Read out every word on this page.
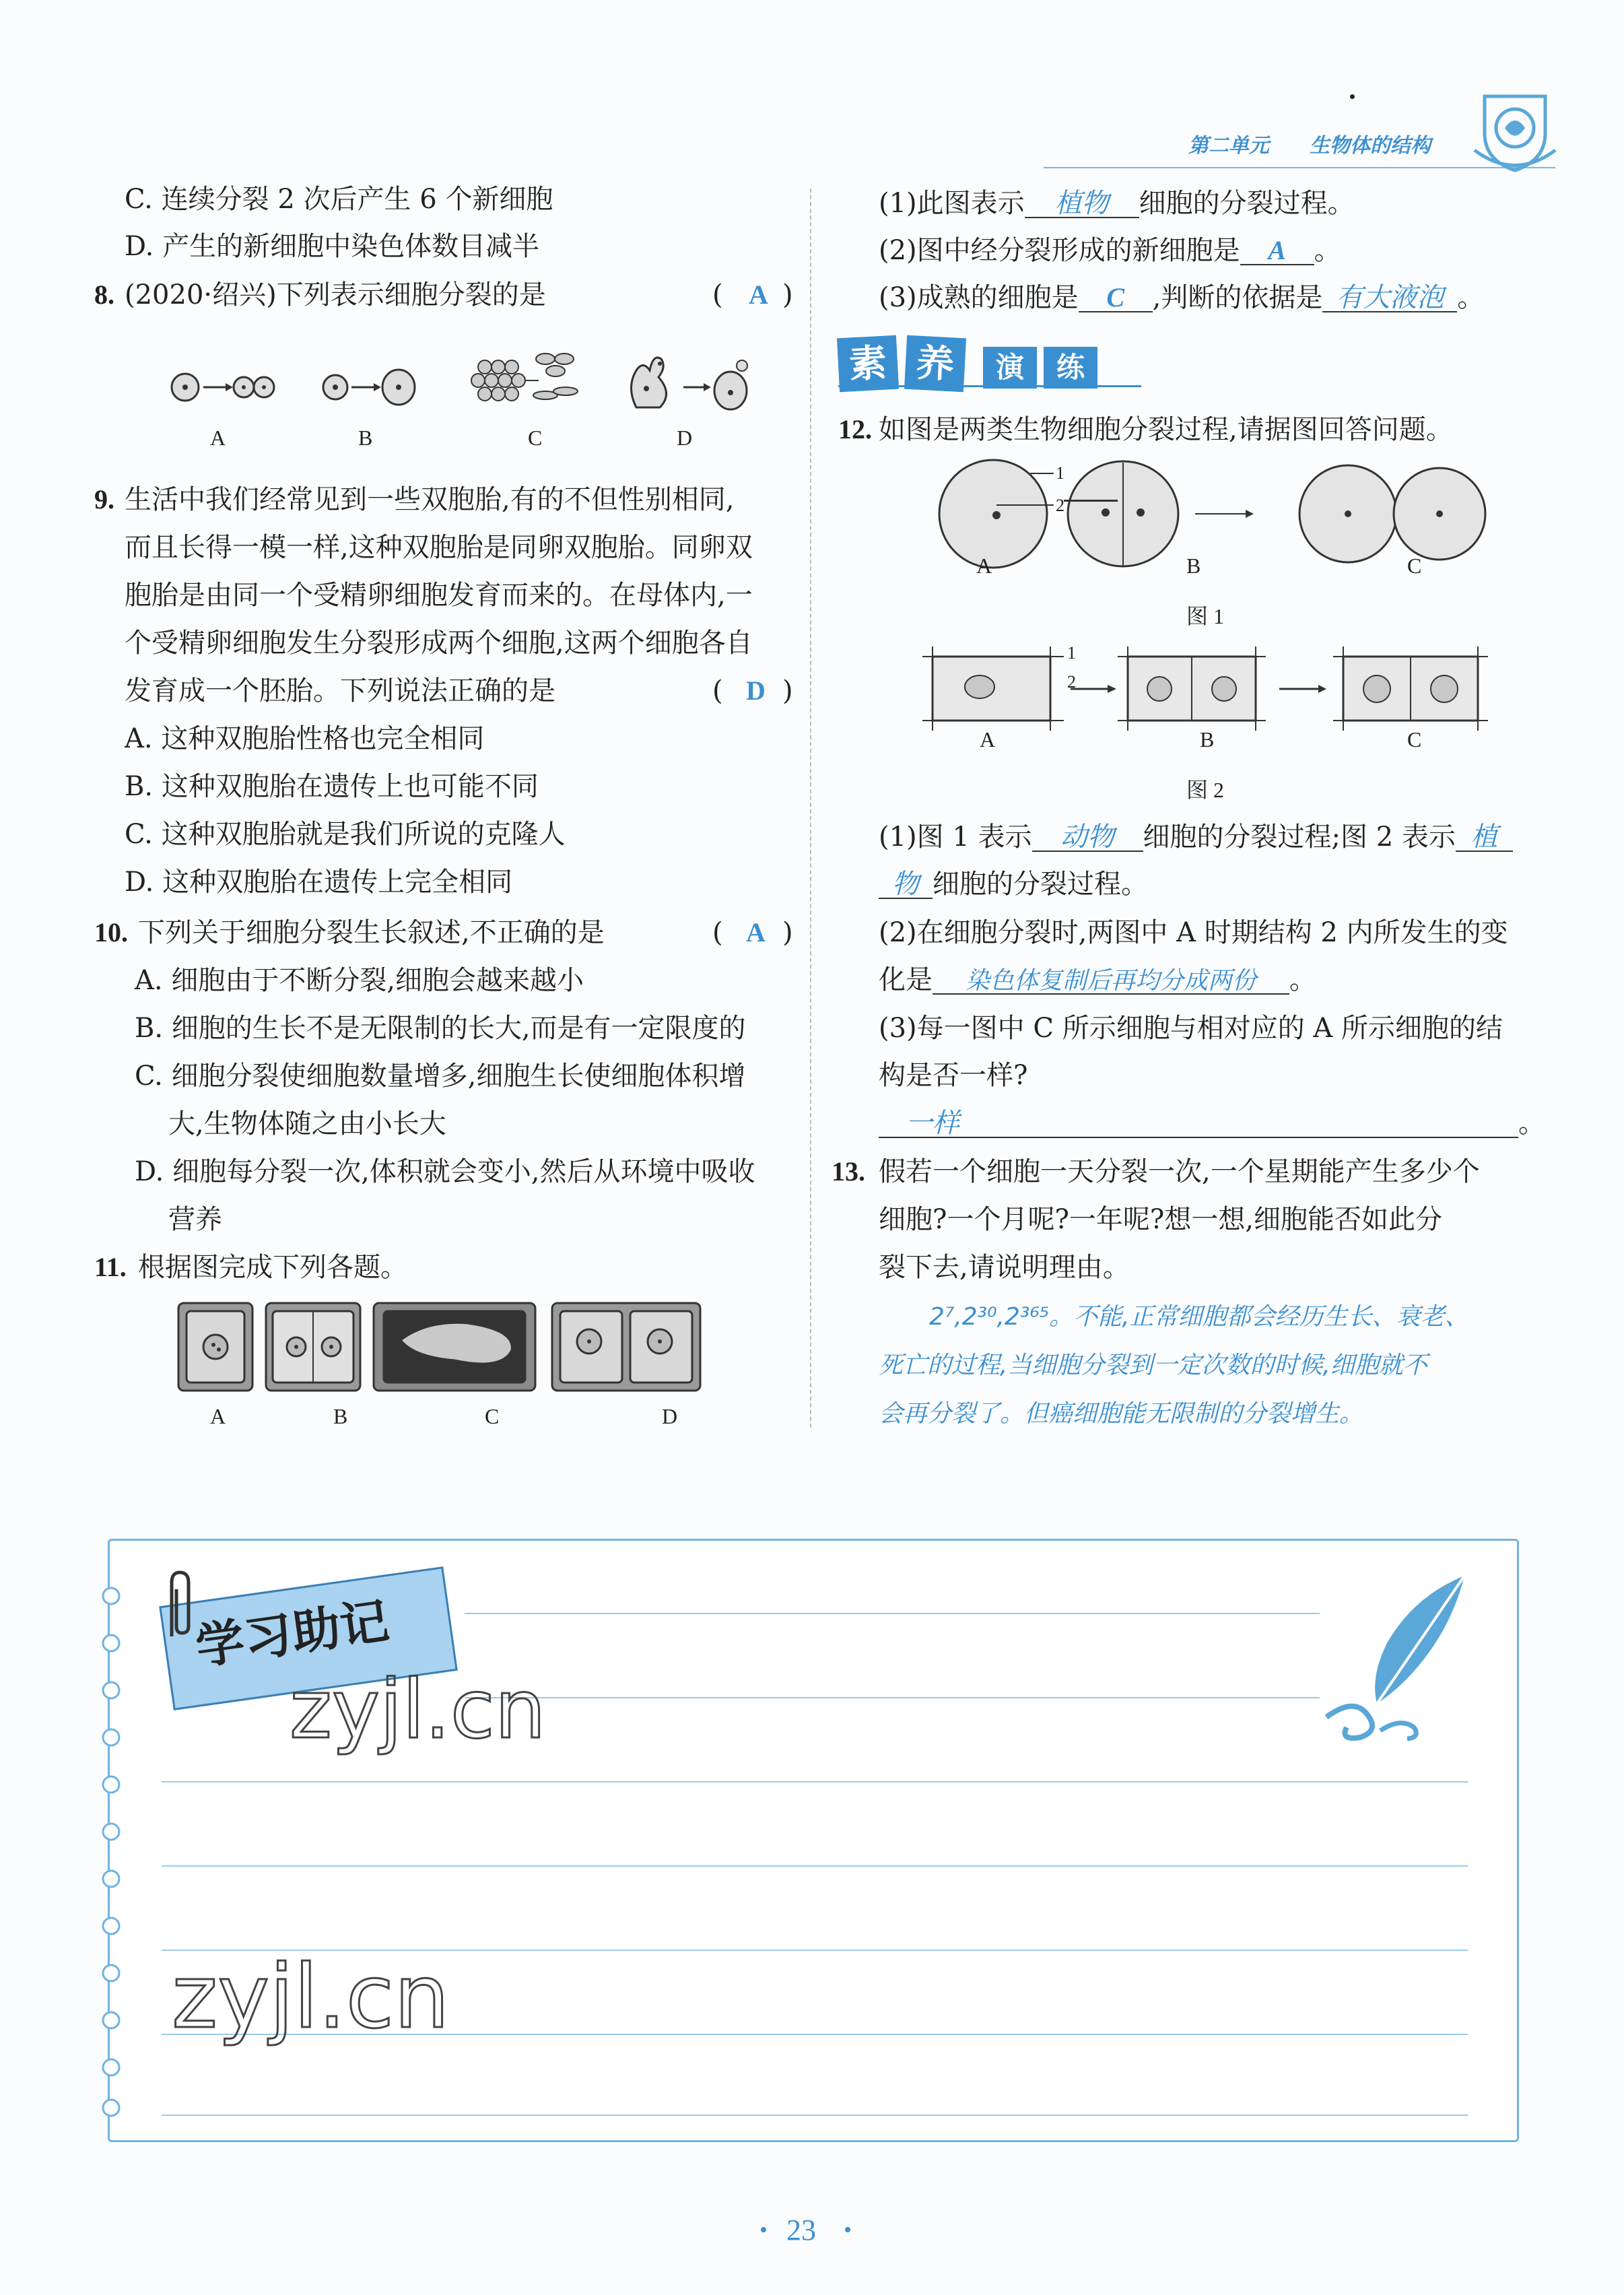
第二单元 生物体的结构
C. 连续分裂 2 次后产生 6 个新细胞
D. 产生的新细胞中染色体数目减半
8. (2020·绍兴)下列表示细胞分裂的是	( A )
A	B	C	D
9. 生活中我们经常见到一些双胞胎,有的不但性别相同,
而且长得一模一样,这种双胞胎是同卵双胞胎。同卵双
胞胎是由同一个受精卵细胞发育而来的。在母体内,一
个受精卵细胞发生分裂形成两个细胞,这两个细胞各自
发育成一个胚胎。下列说法正确的是	( D )
A. 这种双胞胎性格也完全相同
B. 这种双胞胎在遗传上也可能不同
C. 这种双胞胎就是我们所说的克隆人
D. 这种双胞胎在遗传上完全相同
10. 下列关于细胞分裂生长叙述,不正确的是	( A )
A. 细胞由于不断分裂,细胞会越来越小
B. 细胞的生长不是无限制的长大,而是有一定限度的
C. 细胞分裂使细胞数量增多,细胞生长使细胞体积增
大,生物体随之由小长大
D. 细胞每分裂一次,体积就会变小,然后从环境中吸收
营养
11. 根据图完成下列各题。
A	B	C	D
(1)此图表示 植物 细胞的分裂过程。
(2)图中经分裂形成的新细胞是 A 。
(3)成熟的细胞是 C ,判断的依据是 有大液泡 。
素 养	演	练
12. 如图是两类生物细胞分裂过程,请据图回答问题。
1
2
A	B	C
图 1
1
2
A	B	C
图 2
(1)图 1 表示 动物 细胞的分裂过程;图 2 表示 植
物 细胞的分裂过程。
(2)在细胞分裂时,两图中 A 时期结构 2 内所发生的变
化是 染色体复制后再均分成两份 。
(3)每一图中 C 所示细胞与相对应的 A 所示细胞的结
构是否一样?
一样	。
13. 假若一个细胞一天分裂一次,一个星期能产生多少个
细胞?一个月呢?一年呢?想一想,细胞能否如此分
裂下去,请说明理由。
2⁷,2³⁰,2³⁶⁵。不能,正常细胞都会经历生长、衰老、
死亡的过程,当细胞分裂到一定次数的时候,细胞就不
会再分裂了。但癌细胞能无限制的分裂增生。
学习助记
zyjl.cn
zyjl.cn
23
